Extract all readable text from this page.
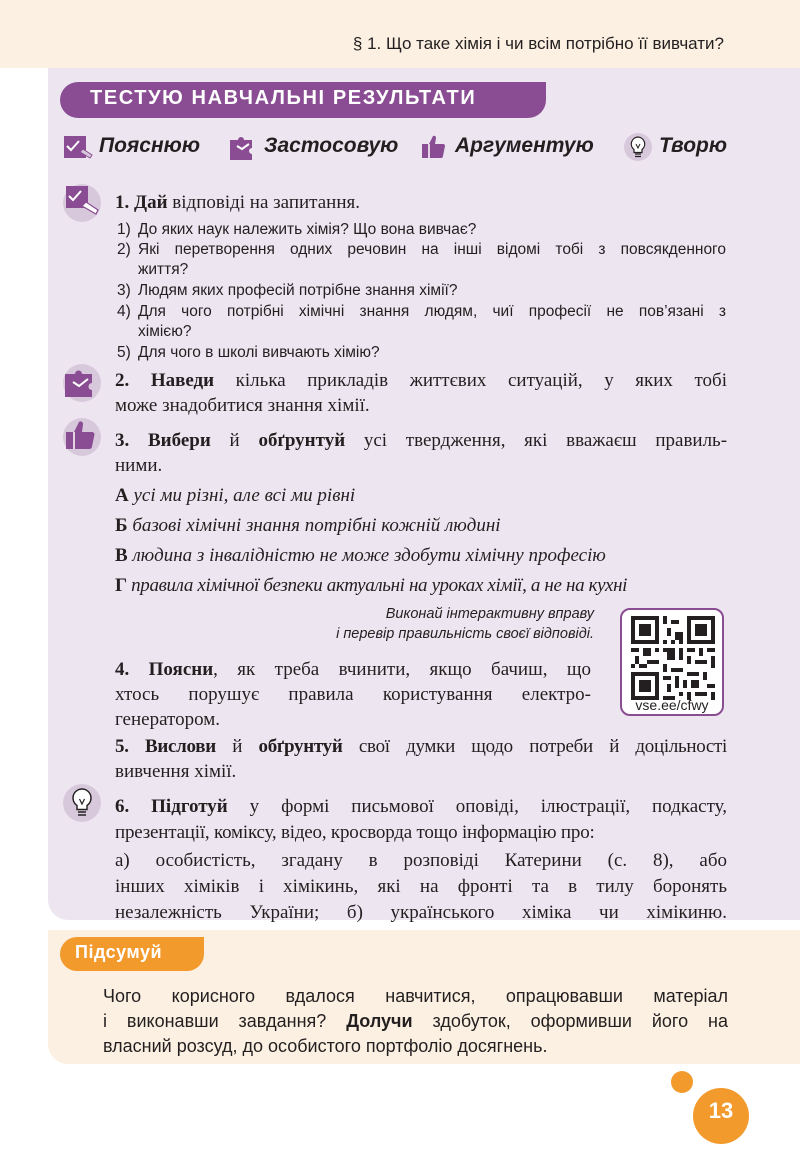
§ 1. Що таке хімія і чи всім потрібно її вивчати?
ТЕСТУЮ НАВЧАЛЬНІ РЕЗУЛЬТАТИ
Пояснюю	Застосовую	Аргументую	Творю
1. Дай відповіді на запитання.
1) До яких наук належить хімія? Що вона вивчає?
2) Які перетворення одних речовин на інші відомі тобі з повсякденного
життя?
3) Людям яких професій потрібне знання хімії?
4) Для чого потрібні хімічні знання людям, чиї професії не пов’язані з
хімією?
5) Для чого в школі вивчають хімію?
2. Наведи кілька прикладів життєвих ситуацій, у яких тобі
може знадобитися знання хімії.
3. Вибери й обґрунтуй усі твердження, які вважаєш правиль-
ними.
А усі ми різні, але всі ми рівні
Б базові хімічні знання потрібні кожній людині
В людина з інвалідністю не може здобути хімічну професію
Г правила хімічної безпеки актуальні на уроках хімії, а не на кухні
Виконай інтерактивну вправу
і перевір правильність своєї відповіді.
vse.ee/cfwy
4. Поясни, як треба вчинити, якщо бачиш, що
хтось порушує правила користування електро-
генератором.
5. Вислови й обґрунтуй свої думки щодо потреби й доцільності
вивчення хімії.
6. Підготуй у формі письмової оповіді, ілюстрації, подкасту,
презентації, коміксу, відео, кросворда тощо інформацію про:
а) особистість, згадану в розповіді Катерини (с. 8), або
інших хіміків і хімікинь, які на фронті та в тилу боронять
незалежність України; б) українського хіміка чи хімікиню.
Підсумуй
Чого корисного вдалося навчитися, опрацювавши матеріал
і виконавши завдання? Долучи здобуток, оформивши його на
власний розсуд, до особистого портфоліо досягнень.
13
